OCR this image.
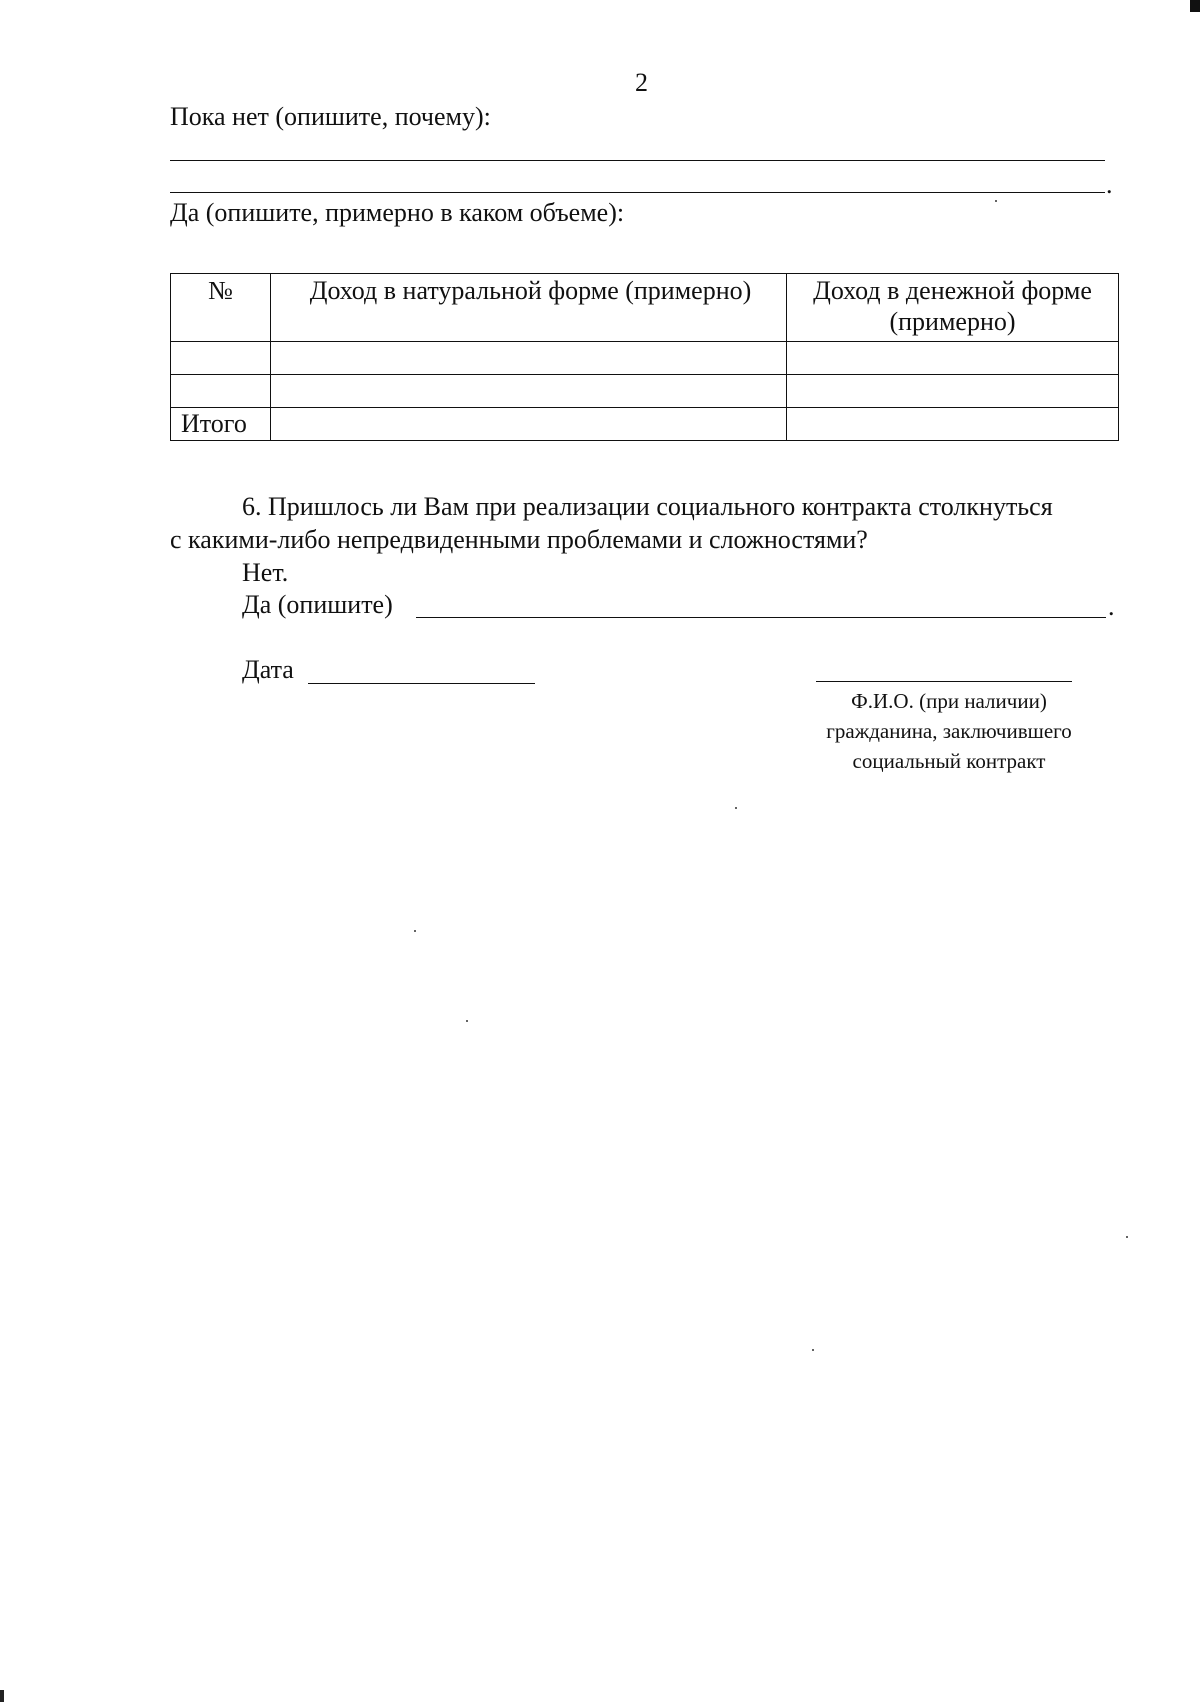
2
Пока нет (опишите, почему):
.
Да (опишите, примерно в каком объеме):
№	Доход в натуральной форме (примерно)	Доход в денежной форме (примерно)

Итого		
6. Пришлось ли Вам при реализации социального контракта столкнуться
с какими-либо непредвиденными проблемами и сложностями?
Нет.
Да (опишите)	.
Дата
Ф.И.О. (при наличии)
гражданина, заключившего
социальный контракт
